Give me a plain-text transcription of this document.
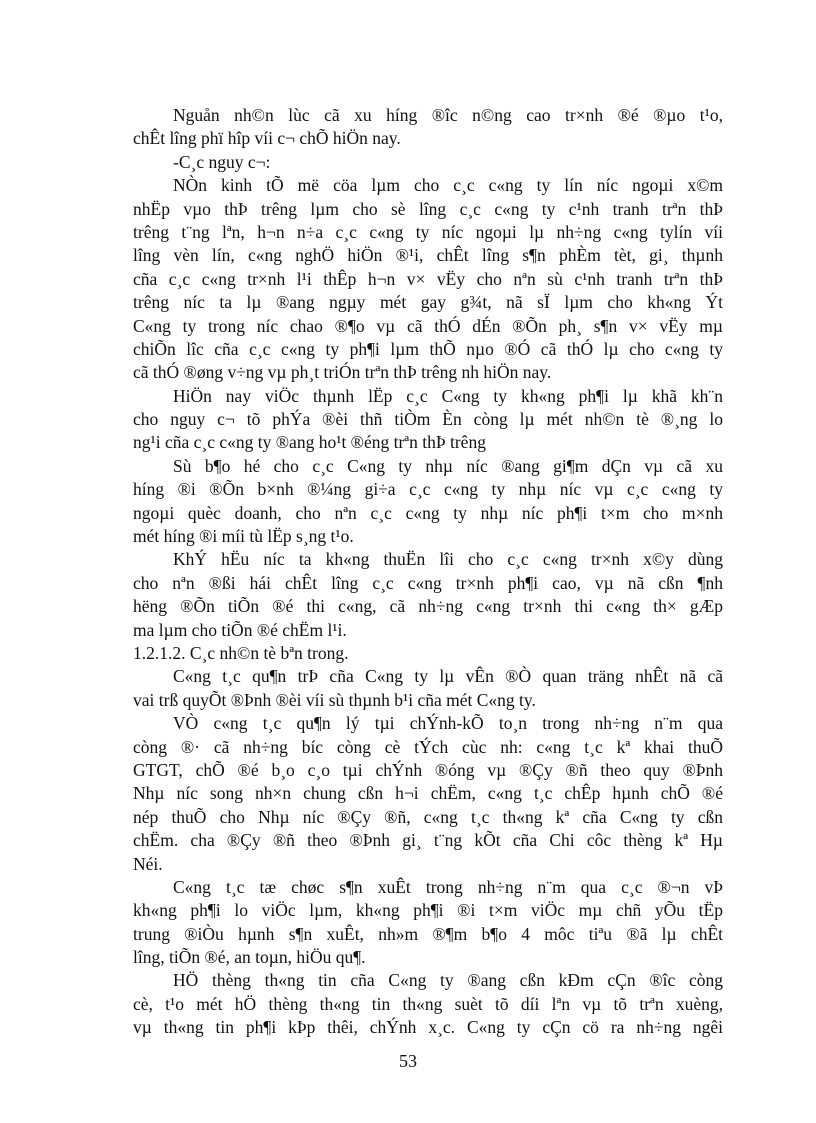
Nguån nh©n lùc cã xu híng ®îc n©ng cao tr×nh ®é ®µo t¹o,
chÊt lîng phï hîp víi c¬ chÕ hiÖn nay.
-C¸c nguy c¬:
NÒn kinh tÕ më cöa lµm cho c¸c c«ng ty lín níc ngoµi x©m
nhËp vµo thÞ trêng lµm cho sè lîng c¸c c«ng ty c¹nh tranh trªn thÞ
trêng t¨ng lªn, h¬n n÷a c¸c c«ng ty níc ngoµi lµ nh÷ng c«ng tylín víi
lîng vèn lín, c«ng nghÖ hiÖn ®¹i, chÊt lîng s¶n phÈm tèt, gi¸ thµnh
cña c¸c c«ng tr×nh l¹i thÊp h¬n v× vËy cho nªn sù c¹nh tranh trªn thÞ
trêng níc ta lµ ®ang ngµy mét gay g¾t, nã sÏ lµm cho kh«ng Ýt
C«ng ty trong níc chao ®¶o vµ cã thÓ dÉn ®Õn ph¸ s¶n v× vËy mµ
chiÕn lîc cña c¸c c«ng ty ph¶i lµm thÕ nµo ®Ó cã thÓ lµ cho c«ng ty
cã thÓ ®øng v÷ng vµ ph¸t triÓn trªn thÞ trêng nh hiÖn nay.
HiÖn nay viÖc thµnh lËp c¸c C«ng ty kh«ng ph¶i lµ khã kh¨n
cho nguy c¬ tõ phÝa ®èi thñ tiÒm Èn còng lµ mét nh©n tè ®¸ng lo
ng¹i cña c¸c c«ng ty ®ang ho¹t ®éng trªn thÞ trêng
Sù b¶o hé cho c¸c C«ng ty nhµ níc ®ang gi¶m dÇn vµ cã xu
híng ®i ®Õn b×nh ®¼ng gi÷a c¸c c«ng ty nhµ níc vµ c¸c c«ng ty
ngoµi quèc doanh, cho nªn c¸c c«ng ty nhµ níc ph¶i t×m cho m×nh
mét híng ®i míi tù lËp s¸ng t¹o.
KhÝ hËu níc ta kh«ng thuËn lîi cho c¸c c«ng tr×nh x©y dùng
cho nªn ®ßi hái chÊt lîng c¸c c«ng tr×nh ph¶i cao, vµ nã cßn ¶nh
hëng ®Õn tiÕn ®é thi c«ng, cã nh÷ng c«ng tr×nh thi c«ng th× gÆp
ma lµm cho tiÕn ®é chËm l¹i.
1.2.1.2. C¸c nh©n tè bªn trong.
C«ng t¸c qu¶n trÞ cña C«ng ty lµ vÊn ®Ò quan träng nhÊt nã cã
vai trß quyÕt ®Þnh ®èi víi sù thµnh b¹i cña mét C«ng ty.
VÒ c«ng t¸c qu¶n lý tµi chÝnh-kÕ to¸n trong nh÷ng n¨m qua
còng ®· cã nh÷ng bíc còng cè tÝch cùc nh: c«ng t¸c kª khai thuÕ
GTGT, chÕ ®é b¸o c¸o tµi chÝnh ®óng vµ ®Çy ®ñ theo quy ®Þnh
Nhµ níc song nh×n chung cßn h¬i chËm, c«ng t¸c chÊp hµnh chÕ ®é
nép thuÕ cho Nhµ níc ®Çy ®ñ, c«ng t¸c th«ng kª cña C«ng ty cßn
chËm. cha ®Çy ®ñ theo ®Þnh gi¸ t¨ng kÕt cña Chi côc thèng kª Hµ
Néi.
C«ng t¸c tæ chøc s¶n xuÊt trong nh÷ng n¨m qua c¸c ®¬n vÞ
kh«ng ph¶i lo viÖc lµm, kh«ng ph¶i ®i t×m viÖc mµ chñ yÕu tËp
trung ®iÒu hµnh s¶n xuÊt, nh»m ®¶m b¶o 4 môc tiªu ®ã lµ chÊt
lîng, tiÕn ®é, an toµn, hiÖu qu¶.
HÖ thèng th«ng tin cña C«ng ty ®ang cßn kÐm cÇn ®îc còng
cè, t¹o mét hÖ thèng th«ng tin th«ng suèt tõ díi lªn vµ tõ trªn xuèng,
vµ th«ng tin ph¶i kÞp thêi, chÝnh x¸c. C«ng ty cÇn cö ra nh÷ng ngêi
53
